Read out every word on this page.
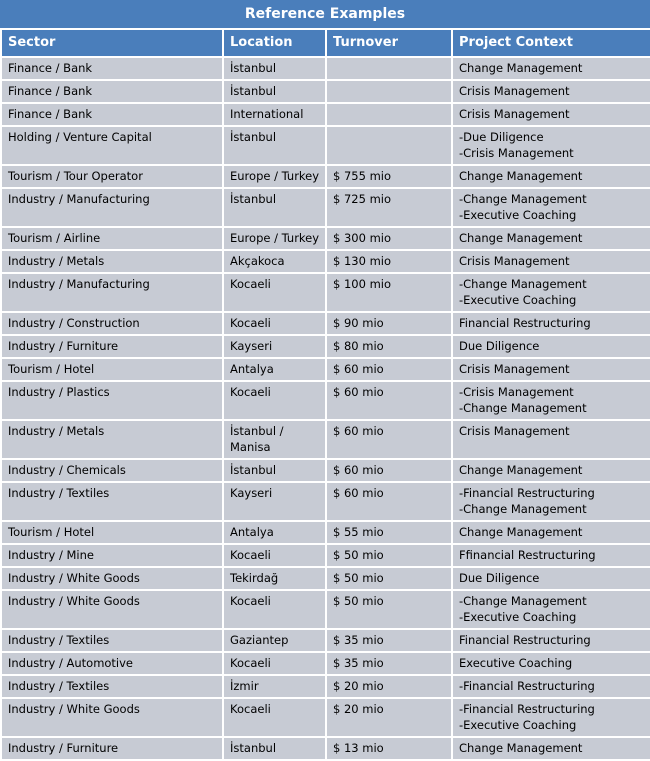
Reference Examples
Sector	Location	Turnover	Project Context
Finance / Bank	İstanbul		Change Management
Finance / Bank	İstanbul		Crisis Management
Finance / Bank	International		Crisis Management
Holding / Venture Capital	İstanbul		-Due Diligence
-Crisis Management
Tourism / Tour Operator	Europe / Turkey	$ 755 mio	Change Management
Industry / Manufacturing	İstanbul	$ 725 mio	-Change Management
-Executive Coaching
Tourism / Airline	Europe / Turkey	$ 300 mio	Change Management
Industry / Metals	Akçakoca	$ 130 mio	Crisis Management
Industry / Manufacturing	Kocaeli	$ 100 mio	-Change Management
-Executive Coaching
Industry / Construction	Kocaeli	$ 90 mio	Financial Restructuring
Industry / Furniture	Kayseri	$ 80 mio	Due Diligence
Tourism / Hotel	Antalya	$ 60 mio	Crisis Management
Industry / Plastics	Kocaeli	$ 60 mio	-Crisis Management
-Change Management
Industry / Metals	İstanbul /
Manisa	$ 60 mio	Crisis Management
Industry / Chemicals	İstanbul	$ 60 mio	Change Management
Industry / Textiles	Kayseri	$ 60 mio	-Financial Restructuring
-Change Management
Tourism / Hotel	Antalya	$ 55 mio	Change Management
Industry / Mine	Kocaeli	$ 50 mio	Ffinancial Restructuring
Industry / White Goods	Tekirdağ	$ 50 mio	Due Diligence
Industry / White Goods	Kocaeli	$ 50 mio	-Change Management
-Executive Coaching
Industry / Textiles	Gaziantep	$ 35 mio	Financial Restructuring
Industry / Automotive	Kocaeli	$ 35 mio	Executive Coaching
Industry / Textiles	İzmir	$ 20 mio	-Financial Restructuring
Industry / White Goods	Kocaeli	$ 20 mio	-Financial Restructuring
-Executive Coaching
Industry / Furniture	İstanbul	$ 13 mio	Change Management
